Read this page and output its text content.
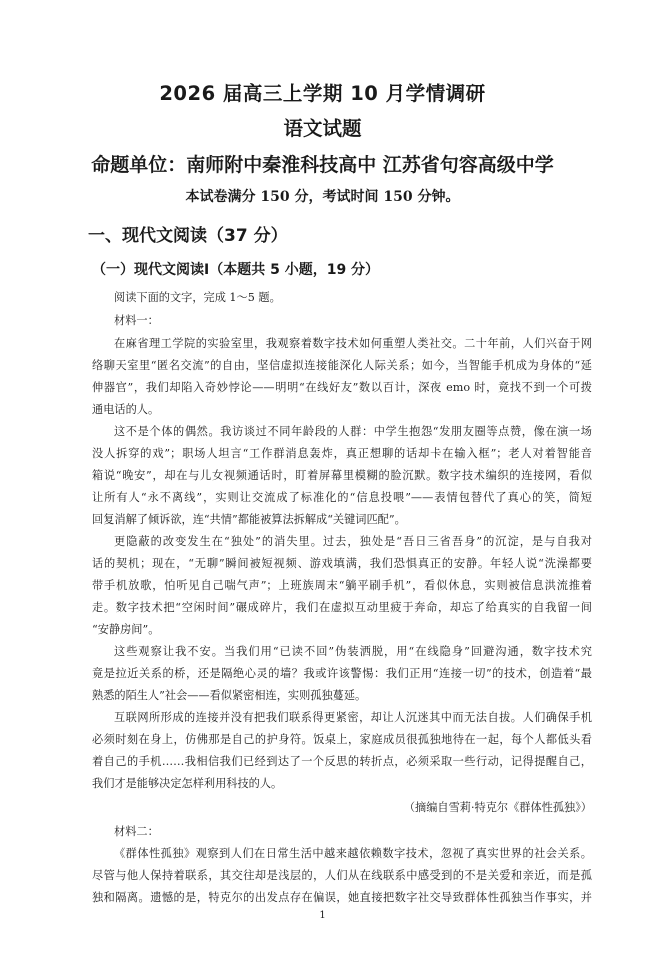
2026 届高三上学期 10 月学情调研
语文试题
命题单位：南师附中秦淮科技高中 江苏省句容高级中学
本试卷满分 150 分，考试时间 150 分钟。
一、现代文阅读（37 分）
（一）现代文阅读Ⅰ（本题共 5 小题，19 分）
阅读下面的文字，完成 1～5 题。
材料一：
在麻省理工学院的实验室里，我观察着数字技术如何重塑人类社交。二十年前，人们兴奋于网
络聊天室里“匿名交流”的自由，坚信虚拟连接能深化人际关系；如今，当智能手机成为身体的“延
伸器官”，我们却陷入奇妙悖论——明明“在线好友”数以百计，深夜 emo 时，竟找不到一个可拨
通电话的人。
这不是个体的偶然。我访谈过不同年龄段的人群：中学生抱怨“发朋友圈等点赞，像在演一场
没人拆穿的戏”；职场人坦言“工作群消息轰炸，真正想聊的话却卡在输入框”；老人对着智能音
箱说“晚安”，却在与儿女视频通话时，盯着屏幕里模糊的脸沉默。数字技术编织的连接网，看似
让所有人“永不离线”，实则让交流成了标准化的“信息投喂”——表情包替代了真心的笑，简短
回复消解了倾诉欲，连“共情”都能被算法拆解成“关键词匹配”。
更隐蔽的改变发生在“独处”的消失里。过去，独处是“吾日三省吾身”的沉淀，是与自我对
话的契机；现在，“无聊”瞬间被短视频、游戏填满，我们恐惧真正的安静。年轻人说“洗澡都要
带手机放歌，怕听见自己喘气声”；上班族周末“躺平刷手机”，看似休息，实则被信息洪流推着
走。数字技术把“空闲时间”碾成碎片，我们在虚拟互动里疲于奔命，却忘了给真实的自我留一间
“安静房间”。
这些观察让我不安。当我们用“已读不回”伪装洒脱，用“在线隐身”回避沟通，数字技术究
竟是拉近关系的桥，还是隔绝心灵的墙？我或许该警惕：我们正用“连接一切”的技术，创造着“最
熟悉的陌生人”社会——看似紧密相连，实则孤独蔓延。
互联网所形成的连接并没有把我们联系得更紧密，却让人沉迷其中而无法自拔。人们确保手机
必须时刻在身上，仿佛那是自己的护身符。饭桌上，家庭成员很孤独地待在一起，每个人都低头看
着自己的手机……我相信我们已经到达了一个反思的转折点，必须采取一些行动，记得提醒自己，
我们才是能够决定怎样利用科技的人。
（摘编自雪莉·特克尔《群体性孤独》）
材料二：
《群体性孤独》观察到人们在日常生活中越来越依赖数字技术，忽视了真实世界的社会关系。
尽管与他人保持着联系，其交往却是浅层的，人们从在线联系中感受到的不是关爱和亲近，而是孤
独和隔离。遗憾的是，特克尔的出发点存在偏误，她直接把数字社交导致群体性孤独当作事实，并
1
